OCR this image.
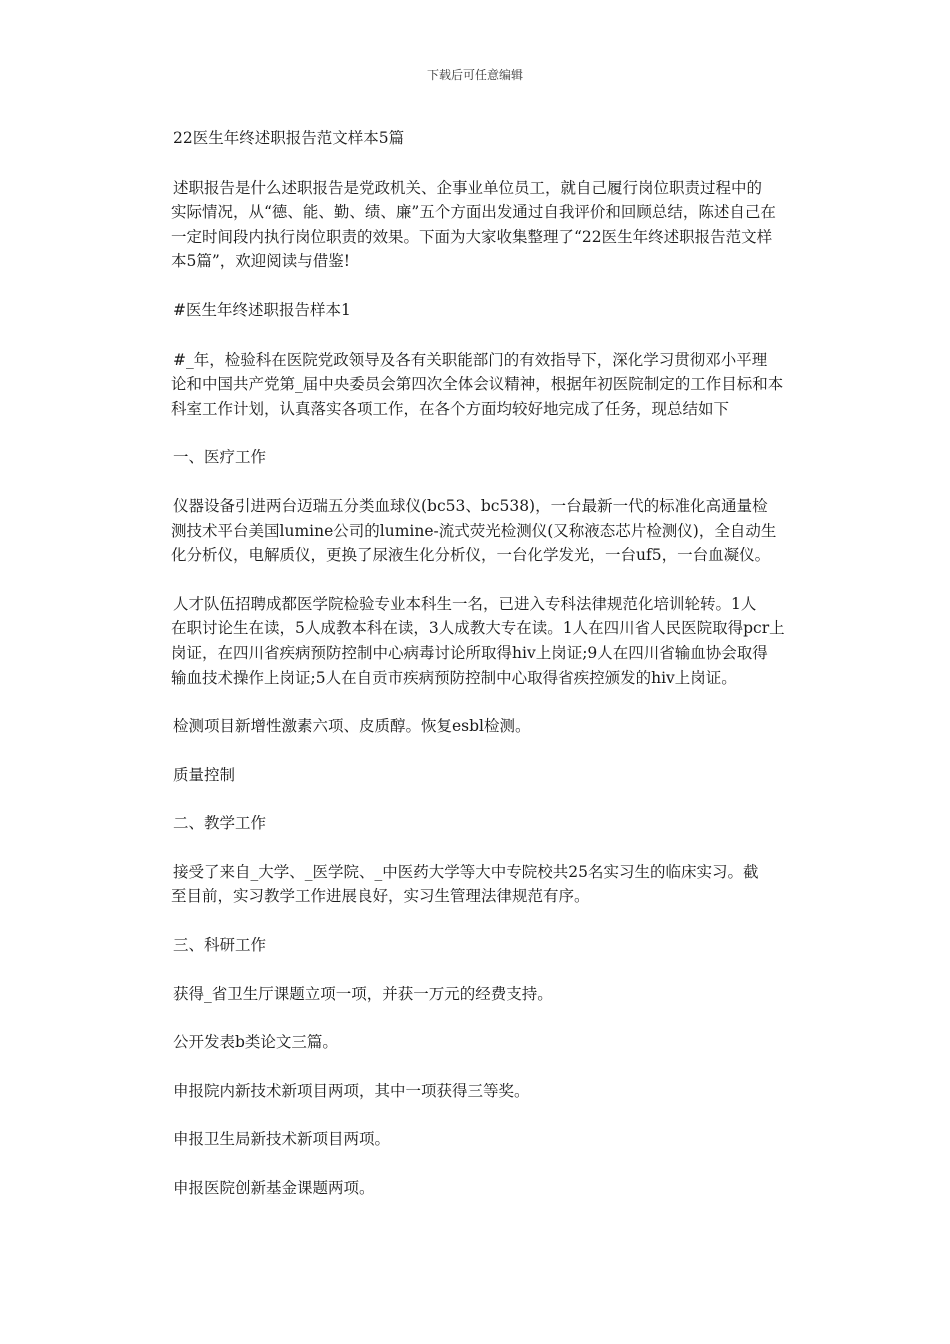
下载后可任意编辑

22医生年终述职报告范文样本5篇

述职报告是什么述职报告是党政机关、企事业单位员工，就自己履行岗位职责过程中的

实际情况，从“德、能、勤、绩、廉”五个方面出发通过自我评价和回顾总结，陈述自己在

一定时间段内执行岗位职责的效果。下面为大家收集整理了“22医生年终述职报告范文样

本5篇”，欢迎阅读与借鉴!

#医生年终述职报告样本1

#_年，检验科在医院党政领导及各有关职能部门的有效指导下，深化学习贯彻邓小平理

论和中国共产党第_届中央委员会第四次全体会议精神，根据年初医院制定的工作目标和本

科室工作计划，认真落实各项工作，在各个方面均较好地完成了任务，现总结如下

一、医疗工作

仪器设备引进两台迈瑞五分类血球仪(bc53、bc538)，一台最新一代的标准化高通量检

测技术平台美国lumine公司的lumine-流式荧光检测仪(又称液态芯片检测仪)，全自动生

化分析仪，电解质仪，更换了尿液生化分析仪，一台化学发光，一台uf5，一台血凝仪。

人才队伍招聘成都医学院检验专业本科生一名，已进入专科法律规范化培训轮转。1人

在职讨论生在读，5人成教本科在读，3人成教大专在读。1人在四川省人民医院取得pcr上

岗证，在四川省疾病预防控制中心病毒讨论所取得hiv上岗证;9人在四川省输血协会取得

输血技术操作上岗证;5人在自贡市疾病预防控制中心取得省疾控颁发的hiv上岗证。

检测项目新增性激素六项、皮质醇。恢复esbl检测。

质量控制

二、教学工作

接受了来自_大学、_医学院、_中医药大学等大中专院校共25名实习生的临床实习。截

至目前，实习教学工作进展良好，实习生管理法律规范有序。

三、科研工作

获得_省卫生厅课题立项一项，并获一万元的经费支持。

公开发表b类论文三篇。

申报院内新技术新项目两项，其中一项获得三等奖。

申报卫生局新技术新项目两项。

申报医院创新基金课题两项。
